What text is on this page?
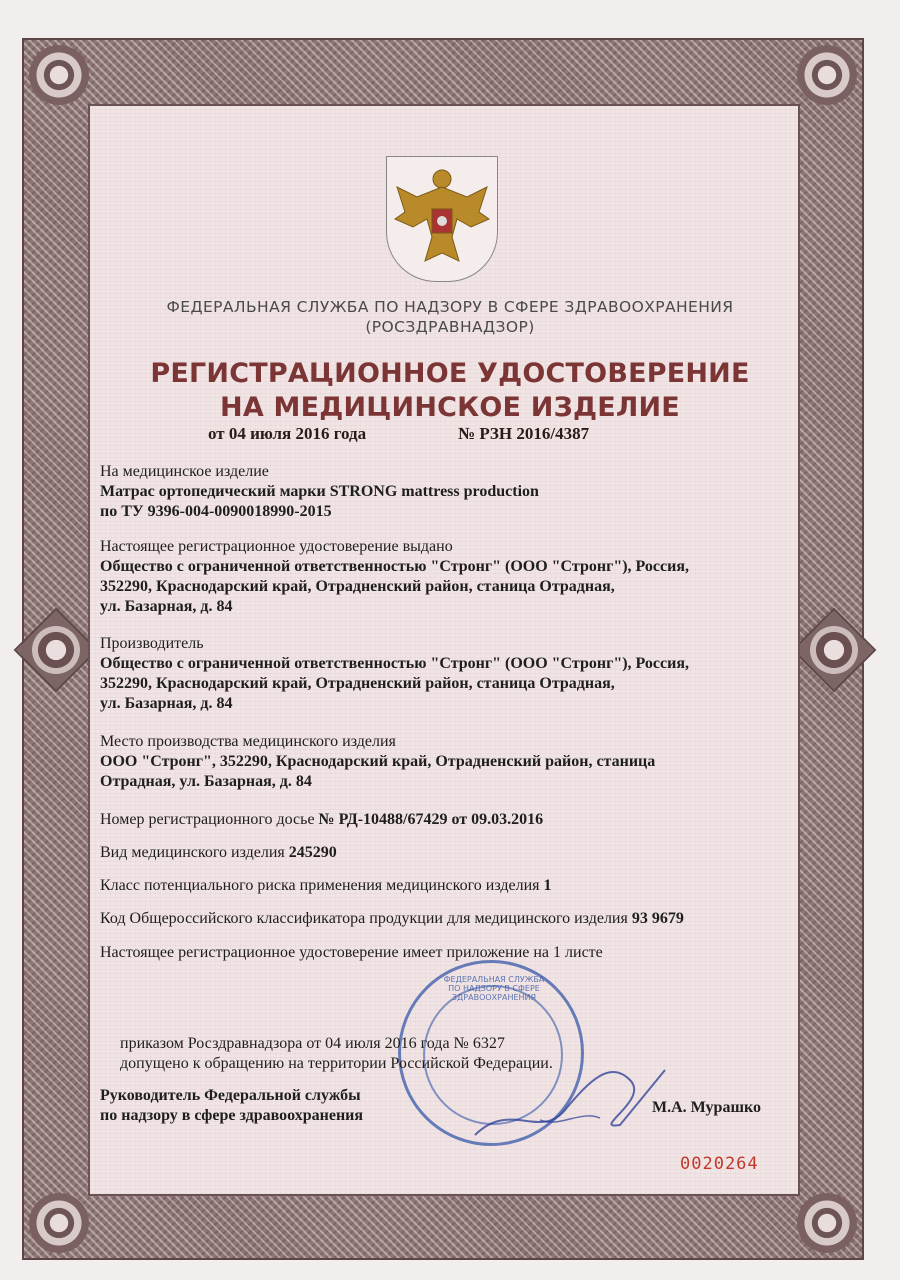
ФЕДЕРАЛЬНАЯ СЛУЖБА ПО НАДЗОРУ В СФЕРЕ ЗДРАВООХРАНЕНИЯ
(РОСЗДРАВНАДЗОР)
РЕГИСТРАЦИОННОЕ УДОСТОВЕРЕНИЕ
НА МЕДИЦИНСКОЕ ИЗДЕЛИЕ
от 04 июля 2016 года	№ РЗН 2016/4387
На медицинское изделие
Матрас ортопедический марки STRONG mattress production
по ТУ 9396-004-0090018990-2015
Настоящее регистрационное удостоверение выдано
Общество с ограниченной ответственностью "Стронг" (ООО "Стронг"), Россия,
352290, Краснодарский край, Отрадненский район, станица Отрадная,
ул. Базарная, д. 84
Производитель
Общество с ограниченной ответственностью "Стронг" (ООО "Стронг"), Россия,
352290, Краснодарский край, Отрадненский район, станица Отрадная,
ул. Базарная, д. 84
Место производства медицинского изделия
ООО "Стронг", 352290, Краснодарский край, Отрадненский район, станица
Отрадная, ул. Базарная, д. 84
Номер регистрационного досье № РД-10488/67429 от 09.03.2016
Вид медицинского изделия 245290
Класс потенциального риска применения медицинского изделия 1
Код Общероссийского классификатора продукции для медицинского изделия 93 9679
Настоящее регистрационное удостоверение имеет приложение на 1 листе
ФЕДЕРАЛЬНАЯ СЛУЖБА ПО НАДЗОРУ В СФЕРЕ ЗДРАВООХРАНЕНИЯ
приказом Росздравнадзора от 04 июля 2016 года № 6327
допущено к обращению на территории Российской Федерации.
Руководитель Федеральной службы
по надзору в сфере здравоохранения	М.А. Мурашко
0020264
